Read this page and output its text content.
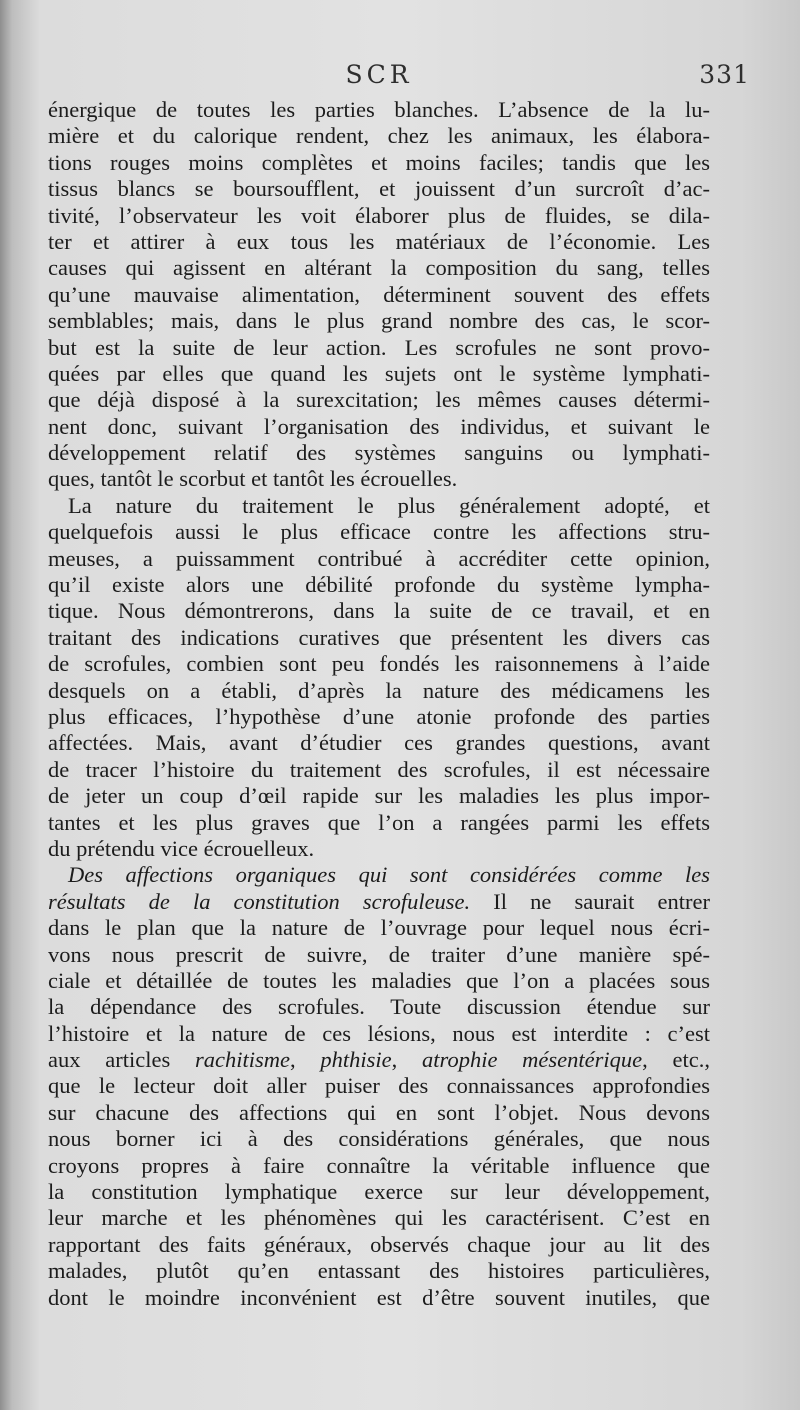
SCR	331
énergique de toutes les parties blanches. L’absence de la lu-
mière et du calorique rendent, chez les animaux, les élabora-
tions rouges moins complètes et moins faciles; tandis que les
tissus blancs se boursoufflent, et jouissent d’un surcroît d’ac-
tivité, l’observateur les voit élaborer plus de fluides, se dila-
ter et attirer à eux tous les matériaux de l’économie. Les
causes qui agissent en altérant la composition du sang, telles
qu’une mauvaise alimentation, déterminent souvent des effets
semblables; mais, dans le plus grand nombre des cas, le scor-
but est la suite de leur action. Les scrofules ne sont provo-
quées par elles que quand les sujets ont le système lymphati-
que déjà disposé à la surexcitation; les mêmes causes détermi-
nent donc, suivant l’organisation des individus, et suivant le
développement relatif des systèmes sanguins ou lymphati-
ques, tantôt le scorbut et tantôt les écrouelles.
La nature du traitement le plus généralement adopté, et
quelquefois aussi le plus efficace contre les affections stru-
meuses, a puissamment contribué à accréditer cette opinion,
qu’il existe alors une débilité profonde du système lympha-
tique. Nous démontrerons, dans la suite de ce travail, et en
traitant des indications curatives que présentent les divers cas
de scrofules, combien sont peu fondés les raisonnemens à l’aide
desquels on a établi, d’après la nature des médicamens les
plus efficaces, l’hypothèse d’une atonie profonde des parties
affectées. Mais, avant d’étudier ces grandes questions, avant
de tracer l’histoire du traitement des scrofules, il est nécessaire
de jeter un coup d’œil rapide sur les maladies les plus impor-
tantes et les plus graves que l’on a rangées parmi les effets
du prétendu vice écrouelleux.
Des affections organiques qui sont considérées comme les
résultats de la constitution scrofuleuse. Il ne saurait entrer
dans le plan que la nature de l’ouvrage pour lequel nous écri-
vons nous prescrit de suivre, de traiter d’une manière spé-
ciale et détaillée de toutes les maladies que l’on a placées sous
la dépendance des scrofules. Toute discussion étendue sur
l’histoire et la nature de ces lésions, nous est interdite : c’est
aux articles rachitisme, phthisie, atrophie mésentérique, etc.,
que le lecteur doit aller puiser des connaissances approfondies
sur chacune des affections qui en sont l’objet. Nous devons
nous borner ici à des considérations générales, que nous
croyons propres à faire connaître la véritable influence que
la constitution lymphatique exerce sur leur développement,
leur marche et les phénomènes qui les caractérisent. C’est en
rapportant des faits généraux, observés chaque jour au lit des
malades, plutôt qu’en entassant des histoires particulières,
dont le moindre inconvénient est d’être souvent inutiles, que
